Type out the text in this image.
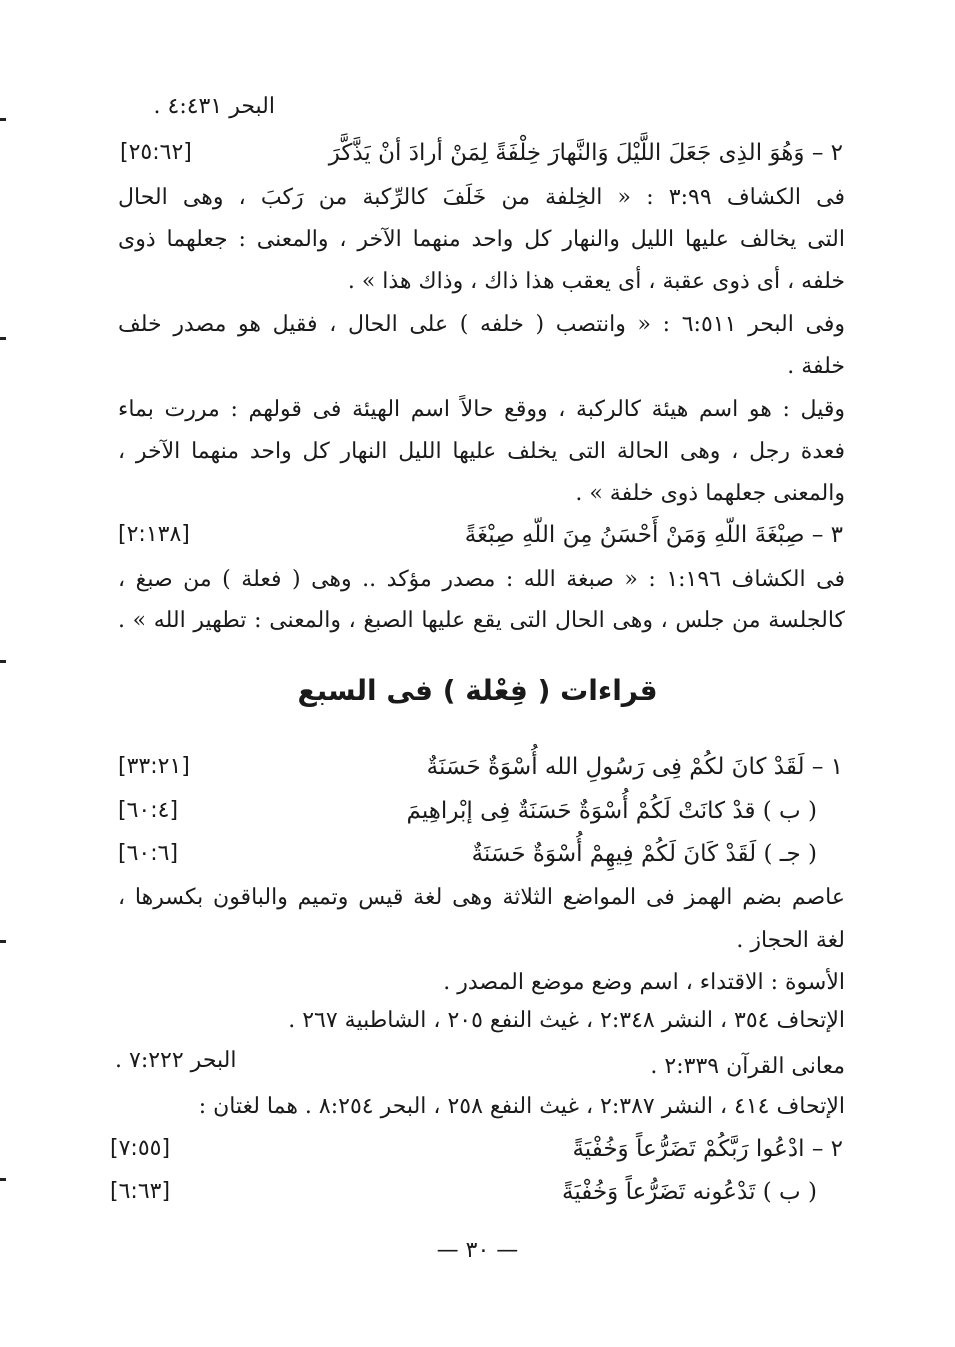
البحر ٤:٤٣١ .
٢ – وَهُوَ الذِى جَعَلَ اللَّيْلَ وَالنَّهارَ خِلْفَةً لِمَنْ أرادَ أنْ يَذَّكَّرَ
[٢٥:٦٢]
فى الكشاف ٣:٩٩ : « الخِلفة من خَلَفَ كالرِّكبة من رَكبَ ، وهى الحال
التى يخالف عليها الليل والنهار كل واحد منهما الآخر ، والمعنى : جعلهما ذوى
خلفه ، أى ذوى عقبة ، أى يعقب هذا ذاك ، وذاك هذا » .
وفى البحر ٦:٥١١ : « وانتصب ( خلفه ) على الحال ، فقيل هو مصدر خلف
خلفة .
وقيل : هو اسم هيئة كالركبة ، ووقع حالاً اسم الهيئة فى قولهم : مررت بماء
فعدة رجل ، وهى الحالة التى يخلف عليها الليل النهار كل واحد منهما الآخر ،
والمعنى جعلهما ذوى خلفة » .
٣ – صِبْغَةَ اللّهِ وَمَنْ أَحْسَنُ مِنَ اللّهِ صِبْغَةً
[٢:١٣٨]
فى الكشاف ١:١٩٦ : « صبغة الله : مصدر مؤكد .. وهى ( فعلة ) من صبغ ،
كالجلسة من جلس ، وهى الحال التى يقع عليها الصبغ ، والمعنى : تطهير الله » .
قراءات ( فِعْلة ) فى السبع
١ – لَقَدْ كانَ لكُمْ فِى رَسُولِ الله أُسْوَةٌ حَسَنَةٌ
[٣٣:٢١]
( ب ) قدْ كانَتْ لَكُمْ أُسْوَةٌ حَسَنَةٌ فِى إبْراهِيمَ
[٦٠:٤]
( جـ ) لَقَدْ كَانَ لَكُمْ فِيهِمْ أُسْوَةٌ حَسَنَةٌ
[٦٠:٦]
عاصم بضم الهمز فى المواضع الثلاثة وهى لغة قيس وتميم والباقون بكسرها ،
لغة الحجاز .
الأسوة : الاقتداء ، اسم وضع موضع المصدر .
الإتحاف ٣٥٤ ، النشر ٢:٣٤٨ ، غيث النفع ٢٠٥ ، الشاطبية ٢٦٧ .
معانى القرآن ٢:٣٣٩ .
البحر ٧:٢٢٢ .
الإتحاف ٤١٤ ، النشر ٢:٣٨٧ ، غيث النفع ٢٥٨ ، البحر ٨:٢٥٤ . هما لغتان :
٢ – ادْعُوا رَبَّكُمْ تَضَرُّعاً وَخُفْيَةً
[٧:٥٥]
( ب ) تَدْعُونه تَضَرُّعاً وَخُفْيَةً
[٦:٦٣]
— ٣٠ —
